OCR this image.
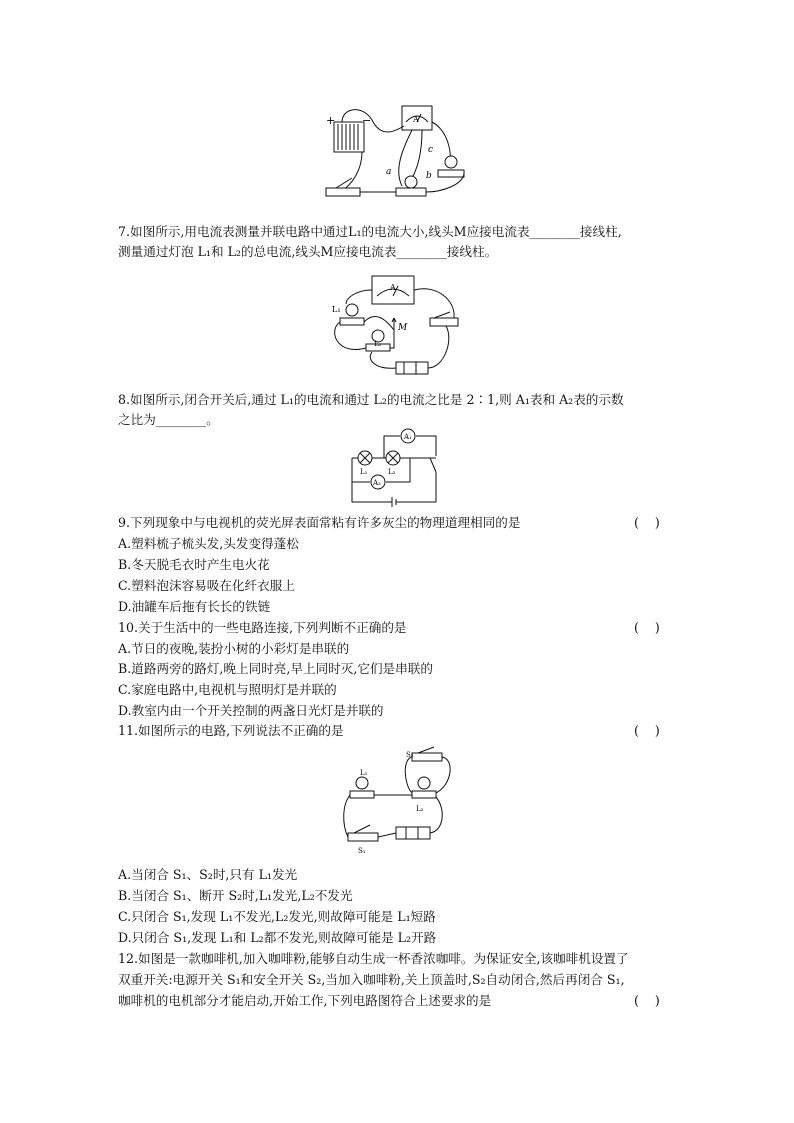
+ −	A
a	b
c
7.如图所示,用电流表测量并联电路中通过L₁的电流大小,线头M应接电流表________接线柱,
测量通过灯泡 L₁和 L₂的总电流,线头M应接电流表________接线柱。
A
L₁
L₂
M
8.如图所示,闭合开关后,通过 L₁的电流和通过 L₂的电流之比是 2∶1,则 A₁表和 A₂表的示数
之比为________。
A₁
A₂
L₁	L₂
9.下列现象中与电视机的荧光屏表面常粘有许多灰尘的物理道理相同的是	(    )
A.塑料梳子梳头发,头发变得蓬松
B.冬天脱毛衣时产生电火花
C.塑料泡沫容易吸在化纤衣服上
D.油罐车后拖有长长的铁链
10.关于生活中的一些电路连接,下列判断不正确的是	(    )
A.节日的夜晚,装扮小树的小彩灯是串联的
B.道路两旁的路灯,晚上同时亮,早上同时灭,它们是串联的
C.家庭电路中,电视机与照明灯是并联的
D.教室内由一个开关控制的两盏日光灯是并联的
11.如图所示的电路,下列说法不正确的是	(    )
S₂
L₁
L₂
S₁
A.当闭合 S₁、S₂时,只有 L₁发光
B.当闭合 S₁、断开 S₂时,L₁发光,L₂不发光
C.只闭合 S₁,发现 L₁不发光,L₂发光,则故障可能是 L₁短路
D.只闭合 S₁,发现 L₁和 L₂都不发光,则故障可能是 L₂开路
12.如图是一款咖啡机,加入咖啡粉,能够自动生成一杯香浓咖啡。为保证安全,该咖啡机设置了
双重开关:电源开关 S₁和安全开关 S₂,当加入咖啡粉,关上顶盖时,S₂自动闭合,然后再闭合 S₁,
咖啡机的电机部分才能启动,开始工作,下列电路图符合上述要求的是	(    )
